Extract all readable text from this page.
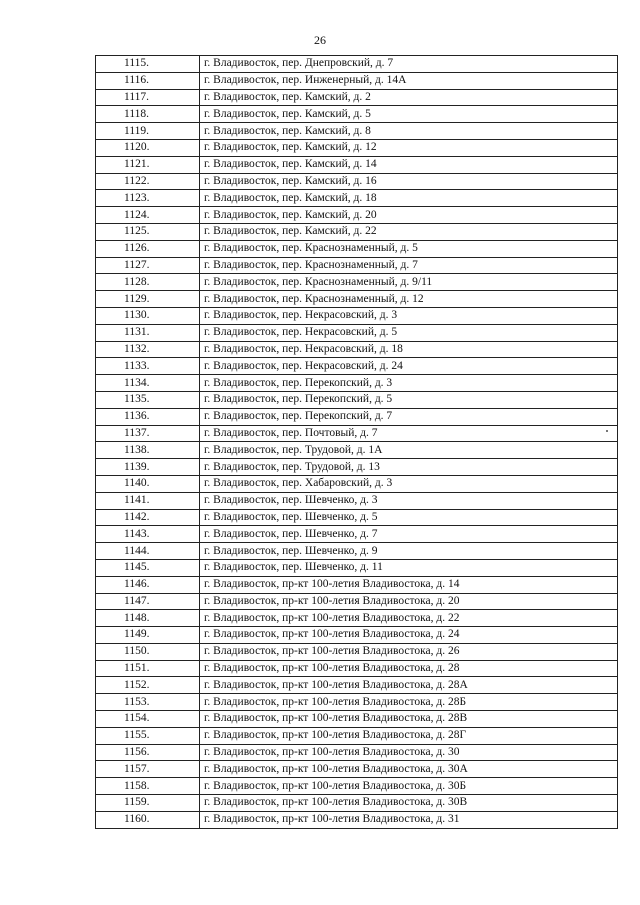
26
1115.	г. Владивосток, пер. Днепровский, д. 7
1116.	г. Владивосток, пер. Инженерный, д. 14А
1117.	г. Владивосток, пер. Камский, д. 2
1118.	г. Владивосток, пер. Камский, д. 5
1119.	г. Владивосток, пер. Камский, д. 8
1120.	г. Владивосток, пер. Камский, д. 12
1121.	г. Владивосток, пер. Камский, д. 14
1122.	г. Владивосток, пер. Камский, д. 16
1123.	г. Владивосток, пер. Камский, д. 18
1124.	г. Владивосток, пер. Камский, д. 20
1125.	г. Владивосток, пер. Камский, д. 22
1126.	г. Владивосток, пер. Краснознаменный, д. 5
1127.	г. Владивосток, пер. Краснознаменный, д. 7
1128.	г. Владивосток, пер. Краснознаменный, д. 9/11
1129.	г. Владивосток, пер. Краснознаменный, д. 12
1130.	г. Владивосток, пер. Некрасовский, д. 3
1131.	г. Владивосток, пер. Некрасовский, д. 5
1132.	г. Владивосток, пер. Некрасовский, д. 18
1133.	г. Владивосток, пер. Некрасовский, д. 24
1134.	г. Владивосток, пер. Перекопский, д. 3
1135.	г. Владивосток, пер. Перекопский, д. 5
1136.	г. Владивосток, пер. Перекопский, д. 7
1137.	г. Владивосток, пер. Почтовый, д. 7
1138.	г. Владивосток, пер. Трудовой, д. 1А
1139.	г. Владивосток, пер. Трудовой, д. 13
1140.	г. Владивосток, пер. Хабаровский, д. 3
1141.	г. Владивосток, пер. Шевченко, д. 3
1142.	г. Владивосток, пер. Шевченко, д. 5
1143.	г. Владивосток, пер. Шевченко, д. 7
1144.	г. Владивосток, пер. Шевченко, д. 9
1145.	г. Владивосток, пер. Шевченко, д. 11
1146.	г. Владивосток, пр-кт 100-летия Владивостока, д. 14
1147.	г. Владивосток, пр-кт 100-летия Владивостока, д. 20
1148.	г. Владивосток, пр-кт 100-летия Владивостока, д. 22
1149.	г. Владивосток, пр-кт 100-летия Владивостока, д. 24
1150.	г. Владивосток, пр-кт 100-летия Владивостока, д. 26
1151.	г. Владивосток, пр-кт 100-летия Владивостока, д. 28
1152.	г. Владивосток, пр-кт 100-летия Владивостока, д. 28А
1153.	г. Владивосток, пр-кт 100-летия Владивостока, д. 28Б
1154.	г. Владивосток, пр-кт 100-летия Владивостока, д. 28В
1155.	г. Владивосток, пр-кт 100-летия Владивостока, д. 28Г
1156.	г. Владивосток, пр-кт 100-летия Владивостока, д. 30
1157.	г. Владивосток, пр-кт 100-летия Владивостока, д. 30А
1158.	г. Владивосток, пр-кт 100-летия Владивостока, д. 30Б
1159.	г. Владивосток, пр-кт 100-летия Владивостока, д. 30В
1160.	г. Владивосток, пр-кт 100-летия Владивостока, д. 31
